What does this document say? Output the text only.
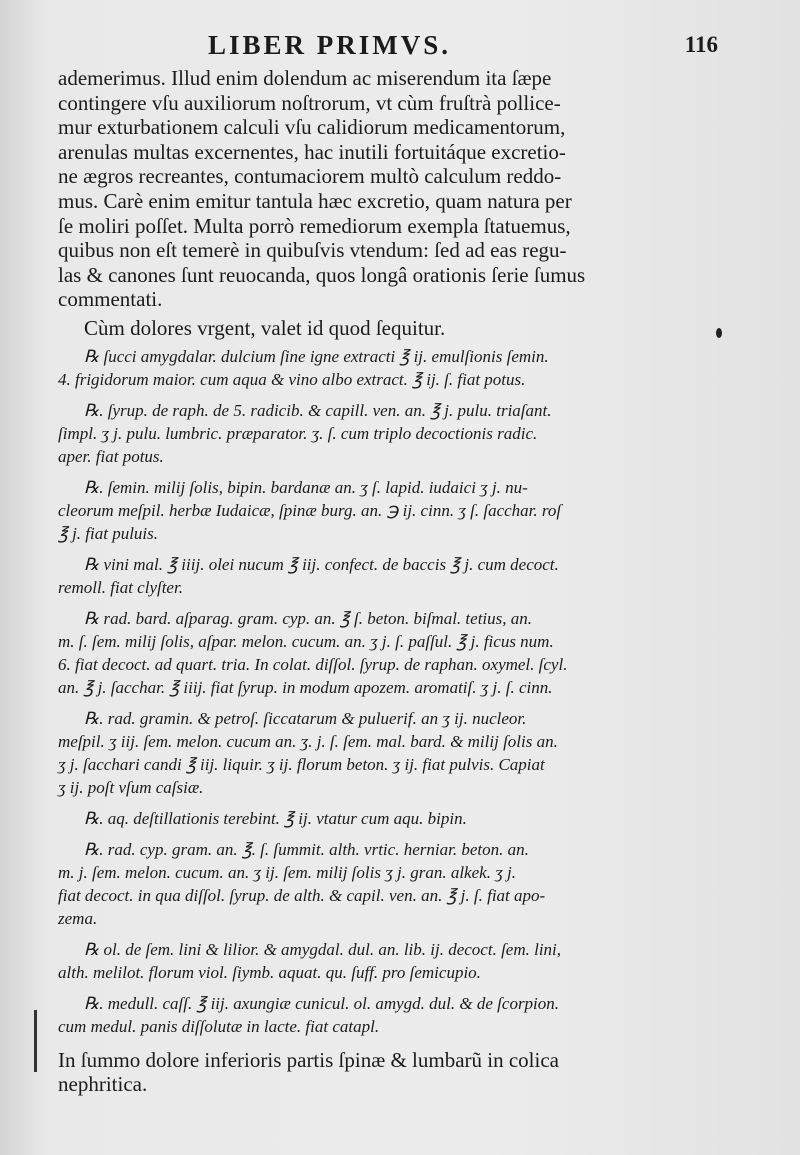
LIBER PRIMVS.	116

ademerimus. Illud enim dolendum ac miserendum ita ſæpe
contingere vſu auxiliorum noſtrorum, vt cùm fruſtrà pollice-
mur exturbationem calculi vſu calidiorum medicamentorum,
arenulas multas excernentes, hac inutili fortuitáque excretio-
ne ægros recreantes, contumaciorem multò calculum reddo-
mus. Carè enim emitur tantula hæc excretio, quam natura per
ſe moliri poſſet. Multa porrò remediorum exempla ſtatuemus,
quibus non eſt temerè in quibuſvis vtendum: ſed ad eas regu-
las & canones ſunt reuocanda, quos longâ orationis ſerie ſumus
commentati.

Cùm dolores vrgent, valet id quod ſequitur.

℞ ſucci amygdalar. dulcium ſine igne extracti ℥ ij. emulſionis ſemin.
4. frigidorum maior. cum aqua & vino albo extract. ℥ ij. ſ. fiat potus.
℞. ſyrup. de raph. de 5. radicib. & capill. ven. an. ℥ j. pulu. triaſant.
ſimpl. ʒ j. pulu. lumbric. præparator. ʒ. ſ. cum triplo decoctionis radic.
aper. fiat potus.
℞. ſemin. milij ſolis, bipin. bardanæ an. ʒ ſ. lapid. iudaici ʒ j. nu-
cleorum meſpil. herbæ Iudaicæ, ſpinæ burg. an. ℈ ij. cinn. ʒ ſ. ſacchar. roſ
℥ j. fiat puluis.
℞ vini mal. ℥ iiij. olei nucum ℥ iij. confect. de baccis ℥ j. cum decoct.
remoll. fiat clyſter.
℞ rad. bard. aſparag. gram. cyp. an. ℥ ſ. beton. biſmal. tetius, an.
m. ſ. ſem. milij ſolis, aſpar. melon. cucum. an. ʒ j. ſ. paſſul. ℥ j. ficus num.
6. fiat decoct. ad quart. tria. In colat. diſſol. ſyrup. de raphan. oxymel. ſcyl.
an. ℥ j. ſacchar. ℥ iiij. fiat ſyrup. in modum apozem. aromatiſ. ʒ j. ſ. cinn.
℞. rad. gramin. & petroſ. ſiccatarum & puluerif. an ʒ ij. nucleor.
meſpil. ʒ iij. ſem. melon. cucum an. ʒ. j. ſ. ſem. mal. bard. & milij ſolis an.
ʒ j. ſacchari candi ℥ iij. liquir. ʒ ij. florum beton. ʒ ij. fiat pulvis. Capiat
ʒ ij. poſt vſum caſsiæ.
℞. aq. deſtillationis terebint. ℥ ij. vtatur cum aqu. bipin.
℞. rad. cyp. gram. an. ℥. ſ. ſummit. alth. vrtic. herniar. beton. an.
m. j. ſem. melon. cucum. an. ʒ ij. ſem. milij ſolis ʒ j. gran. alkek. ʒ j.
fiat decoct. in qua diſſol. ſyrup. de alth. & capil. ven. an. ℥ j. ſ. fiat apo-
zema.
℞ ol. de ſem. lini & lilior. & amygdal. dul. an. lib. ij. decoct. ſem. lini,
alth. melilot. florum viol. ſiymb. aquat. qu. ſuff. pro ſemicupio.
℞. medull. caſſ. ℥ iij. axungiæ cunicul. ol. amygd. dul. & de ſcorpion.
cum medul. panis diſſolutæ in lacte. fiat catapl.
In ſummo dolore inferioris partis ſpinæ & lumbarũ in colica
nephritica.
